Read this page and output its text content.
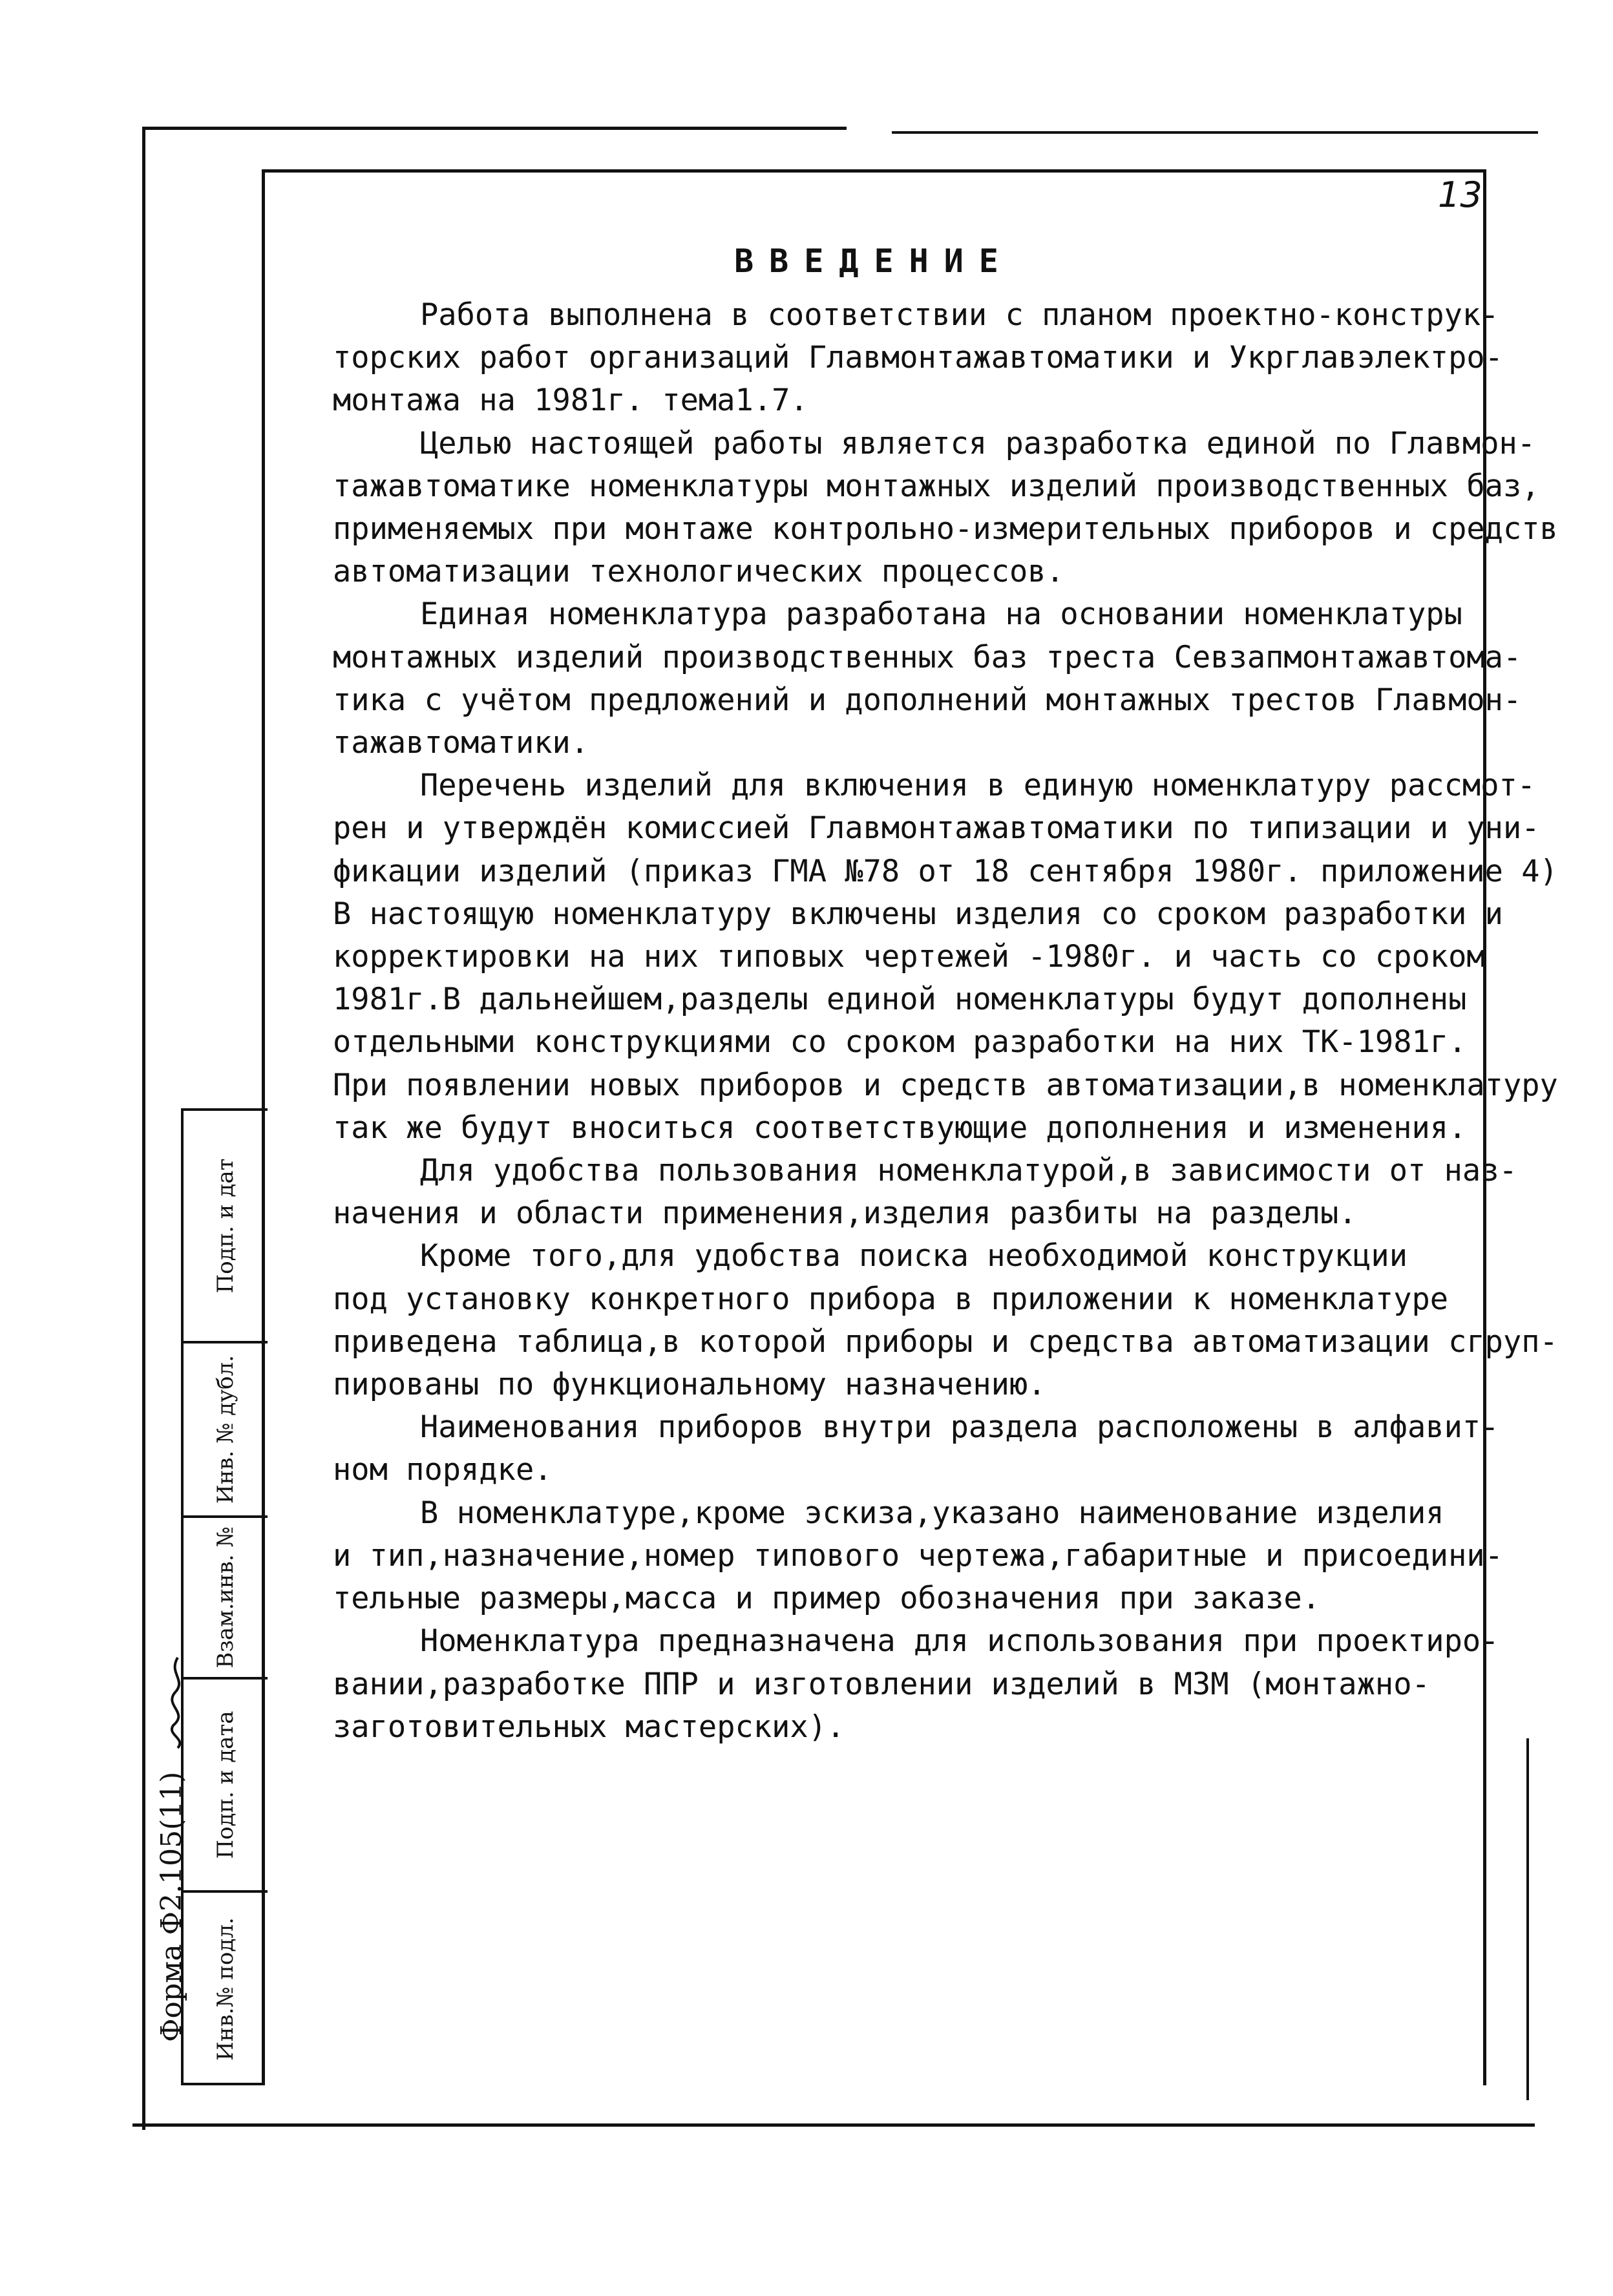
13
ВВЕДЕНИЕ

Работа выполнена в соответствии с планом проектно-конструк-

торских работ организаций Главмонтажавтоматики и Укрглавэлектро-

монтажа на 1981г. тема1.7.

Целью настоящей работы является разработка единой по Главмон-

тажавтоматике номенклатуры монтажных изделий производственных баз,

применяемых при монтаже контрольно-измерительных приборов и средств

автоматизации технологических процессов.

Единая номенклатура разработана на основании номенклатуры

монтажных изделий производственных баз треста Севзапмонтажавтома-

тика с учётом предложений и дополнений монтажных трестов Главмон-

тажавтоматики.

Перечень изделий для включения в единую номенклатуру рассмот-

рен и утверждён комиссией Главмонтажавтоматики по типизации и уни-

фикации изделий (приказ ГМА №78 от 18 сентября 1980г. приложение 4)

В настоящую номенклатуру включены изделия со сроком разработки и

корректировки на них типовых чертежей -1980г. и часть со сроком

1981г.В дальнейшем,разделы единой номенклатуры будут дополнены

отдельными конструкциями со сроком разработки на них ТК-1981г.

При появлении новых приборов и средств автоматизации,в номенклатуру

так же будут вноситься соответствующие дополнения и изменения.

Для удобства пользования номенклатурой,в зависимости от наз-

начения и области применения,изделия разбиты на разделы.

Кроме того,для удобства поиска необходимой конструкции

под установку конкретного прибора в приложении к номенклатуре

приведена таблица,в которой приборы и средства автоматизации сгруп-

пированы по функциональному назначению.

Наименования приборов внутри раздела расположены в алфавит-

ном порядке.

В номенклатуре,кроме эскиза,указано наименование изделия

и тип,назначение,номер типового чертежа,габаритные и присоедини-

тельные размеры,масса и пример обозначения при заказе.

Номенклатура предназначена для использования при проектиро-

вании,разработке ППР и изготовлении изделий в МЗМ (монтажно-

заготовительных мастерских).

Подп. и дат
Инв. № дубл.
Взам.инв. №
Подп. и дата
Инв.№ подл.
Форма Ф2.105(11)
